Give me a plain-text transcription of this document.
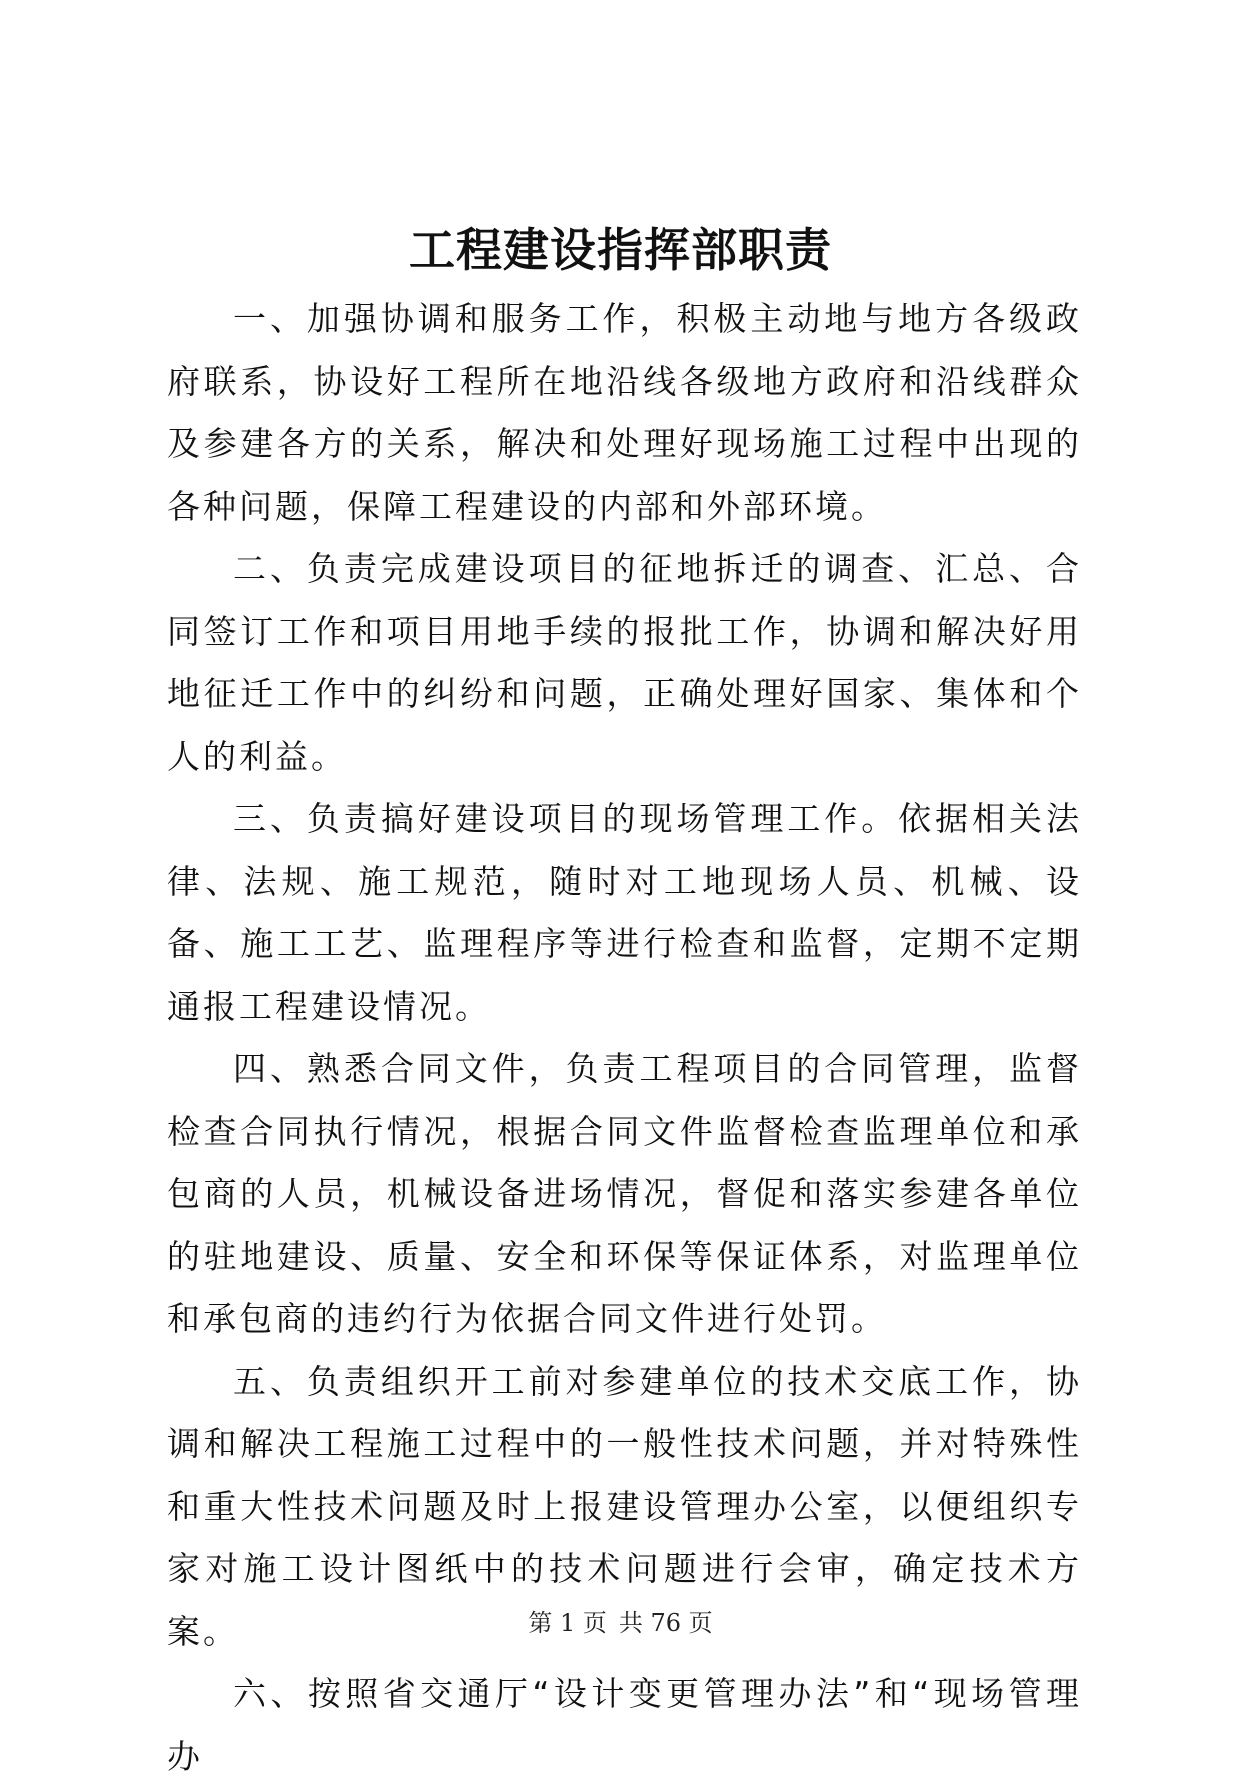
工程建设指挥部职责

一、加强协调和服务工作，积极主动地与地方各级政府联系，协设好工程所在地沿线各级地方政府和沿线群众及参建各方的关系，解决和处理好现场施工过程中出现的各种问题，保障工程建设的内部和外部环境。

二、负责完成建设项目的征地拆迁的调查、汇总、合同签订工作和项目用地手续的报批工作，协调和解决好用地征迁工作中的纠纷和问题，正确处理好国家、集体和个人的利益。

三、负责搞好建设项目的现场管理工作。依据相关法律、法规、施工规范，随时对工地现场人员、机械、设备、施工工艺、监理程序等进行检查和监督，定期不定期通报工程建设情况。

四、熟悉合同文件，负责工程项目的合同管理，监督检查合同执行情况，根据合同文件监督检查监理单位和承包商的人员，机械设备进场情况，督促和落实参建各单位的驻地建设、质量、安全和环保等保证体系，对监理单位和承包商的违约行为依据合同文件进行处罚。

五、负责组织开工前对参建单位的技术交底工作，协调和解决工程施工过程中的一般性技术问题，并对特殊性和重大性技术问题及时上报建设管理办公室，以便组织专家对施工设计图纸中的技术问题进行会审，确定技术方案。

六、按照省交通厅“设计变更管理办法”和“现场管理办

第 1 页 共 76 页
